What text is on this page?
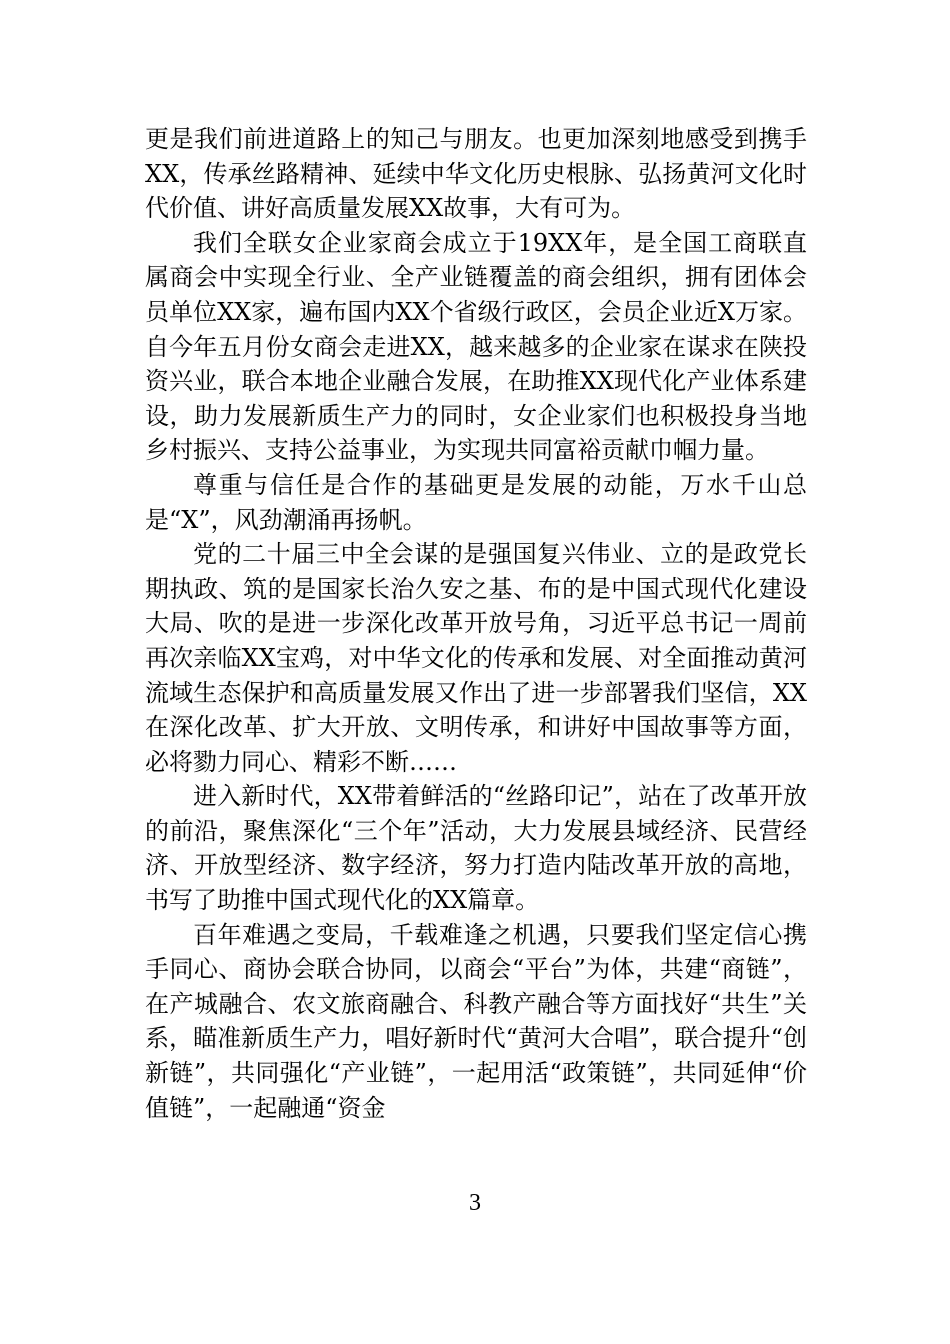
更是我们前进道路上的知己与朋友。也更加深刻地感受到携手XX，传承丝路精神、延续中华文化历史根脉、弘扬黄河文化时代价值、讲好高质量发展XX故事，大有可为。

我们全联女企业家商会成立于19XX年，是全国工商联直属商会中实现全行业、全产业链覆盖的商会组织，拥有团体会员单位XX家，遍布国内XX个省级行政区，会员企业近X万家。自今年五月份女商会走进XX，越来越多的企业家在谋求在陕投资兴业，联合本地企业融合发展，在助推XX现代化产业体系建设，助力发展新质生产力的同时，女企业家们也积极投身当地乡村振兴、支持公益事业，为实现共同富裕贡献巾帼力量。

尊重与信任是合作的基础更是发展的动能，万水千山总是“X”，风劲潮涌再扬帆。

党的二十届三中全会谋的是强国复兴伟业、立的是政党长期执政、筑的是国家长治久安之基、布的是中国式现代化建设大局、吹的是进一步深化改革开放号角，习近平总书记一周前再次亲临XX宝鸡，对中华文化的传承和发展、对全面推动黄河流域生态保护和高质量发展又作出了进一步部署我们坚信，XX在深化改革、扩大开放、文明传承，和讲好中国故事等方面，必将勠力同心、精彩不断……

进入新时代，XX带着鲜活的“丝路印记”，站在了改革开放的前沿，聚焦深化“三个年”活动，大力发展县域经济、民营经济、开放型经济、数字经济，努力打造内陆改革开放的高地，书写了助推中国式现代化的XX篇章。

百年难遇之变局，千载难逢之机遇，只要我们坚定信心携手同心、商协会联合协同，以商会“平台”为体，共建“商链”，在产城融合、农文旅商融合、科教产融合等方面找好“共生”关系，瞄准新质生产力，唱好新时代“黄河大合唱”，联合提升“创新链”，共同强化“产业链”，一起用活“政策链”，共同延伸“价值链”，一起融通“资金

3
